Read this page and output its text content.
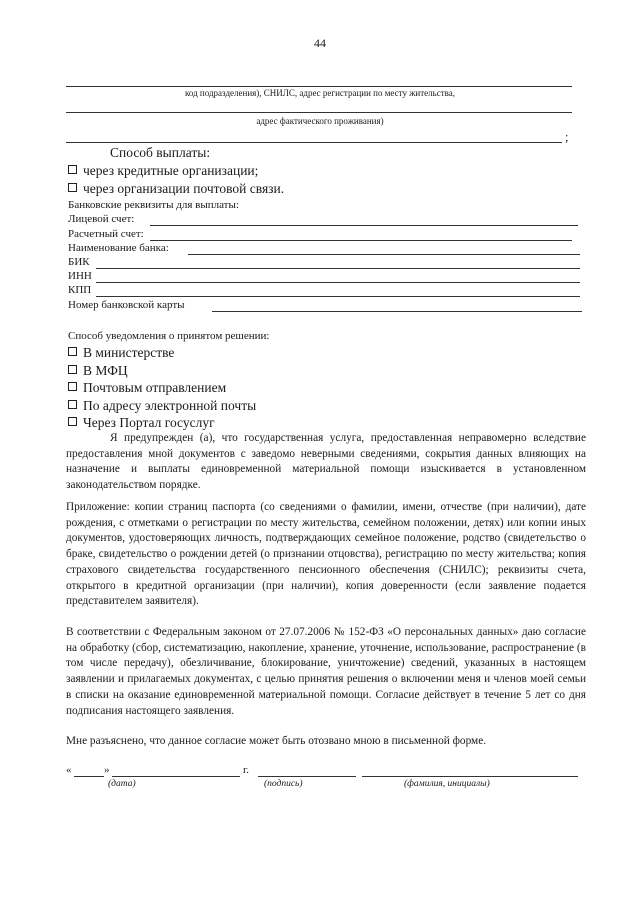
44
код подразделения), СНИЛС, адрес регистрации по месту жительства,
адрес фактического проживания)
;
Способ выплаты:
через кредитные организации;
через организации почтовой связи.
Банковские реквизиты для выплаты:
Лицевой счет:
Расчетный счет:
Наименование банка:
БИК
ИНН
КПП
Номер банковской карты
Способ уведомления о принятом решении:
В министерстве
В МФЦ
Почтовым отправлением
По адресу электронной почты
Через Портал госуслуг
Я предупрежден (а), что государственная услуга, предоставленная неправомерно вследствие предоставления мной документов с заведомо неверными сведениями, сокрытия данных влияющих на назначение и выплаты единовременной материальной помощи изыскивается в установленном законодательством порядке.
Приложение: копии страниц паспорта (со сведениями о фамилии, имени, отчестве (при наличии), дате рождения, с отметками о регистрации по месту жительства, семейном положении, детях) или копии иных документов, удостоверяющих личность, подтверждающих семейное положение, родство (свидетельство о браке, свидетельство о рождении детей (о признании отцовства), регистрацию по месту жительства; копия страхового свидетельства государственного пенсионного обеспечения (СНИЛС); реквизиты счета, открытого в кредитной организации (при наличии), копия доверенности (если заявление подается представителем заявителя).
В соответствии с Федеральным законом от 27.07.2006 № 152-ФЗ «О персональных данных» даю согласие на обработку (сбор, систематизацию, накопление, хранение, уточнение, использование, распространение (в том числе передачу), обезличивание, блокирование, уничтожение) сведений, указанных в настоящем заявлении и прилагаемых документах, с целью принятия решения о включении меня и членов моей семьи в списки на оказание единовременной материальной помощи. Согласие действует в течение 5 лет со дня подписания настоящего заявления.
Мне разъяснено, что данное согласие может быть отозвано мною в письменной форме.
«	»	г.
(дата)	(подпись)	(фамилия, инициалы)
